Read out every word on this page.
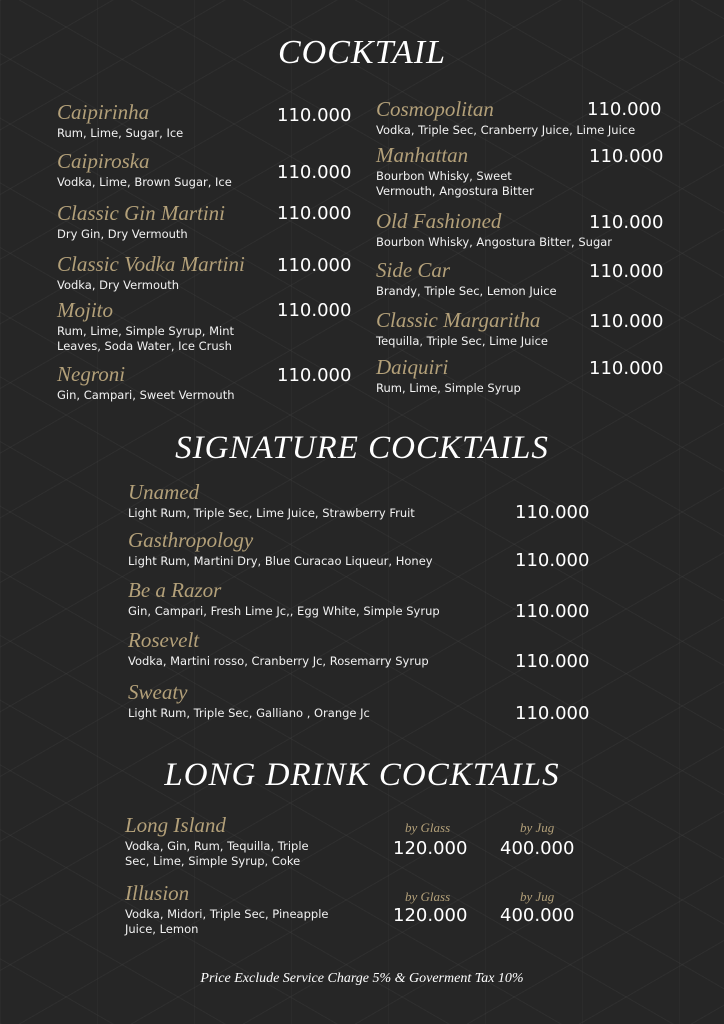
COCKTAIL
Caipirinha
Rum, Lime, Sugar, Ice
110.000
Caipiroska
Vodka, Lime, Brown Sugar, Ice	110.000
Classic Gin Martini
Dry Gin, Dry Vermouth
110.000
Classic Vodka Martini
Vodka, Dry Vermouth
110.000
Mojito
Rum, Lime, Simple Syrup, Mint Leaves, Soda Water, Ice Crush
110.000
Negroni
Gin, Campari, Sweet Vermouth
110.000
Cosmopolitan
Vodka, Triple Sec, Cranberry Juice, Lime Juice
110.000
Manhattan
Bourbon Whisky, Sweet Vermouth, Angostura Bitter
110.000
Old Fashioned
Bourbon Whisky, Angostura Bitter, Sugar
110.000
Side Car
Brandy, Triple Sec, Lemon Juice
110.000
Classic Margaritha
Tequilla, Triple Sec, Lime Juice
110.000
Daiquiri
Rum, Lime, Simple Syrup
110.000
SIGNATURE COCKTAILS
Unamed
Light Rum, Triple Sec, Lime Juice, Strawberry Fruit	110.000
Gasthropology
Light Rum, Martini Dry, Blue Curacao Liqueur, Honey	110.000
Be a Razor
Gin, Campari, Fresh Lime Jc,, Egg White, Simple Syrup	110.000
Rosevelt
Vodka, Martini rosso, Cranberry Jc, Rosemarry Syrup	110.000
Sweaty
Light Rum, Triple Sec, Galliano , Orange Jc	110.000
LONG DRINK COCKTAILS
Long Island
Vodka, Gin, Rum, Tequilla, Triple Sec, Lime, Simple Syrup, Coke
by Glass	by Jug
120.000 400.000
Illusion
Vodka, Midori, Triple Sec, Pineapple Juice, Lemon
by Glass	by Jug
120.000 400.000
Price Exclude Service Charge 5% & Goverment Tax 10%
